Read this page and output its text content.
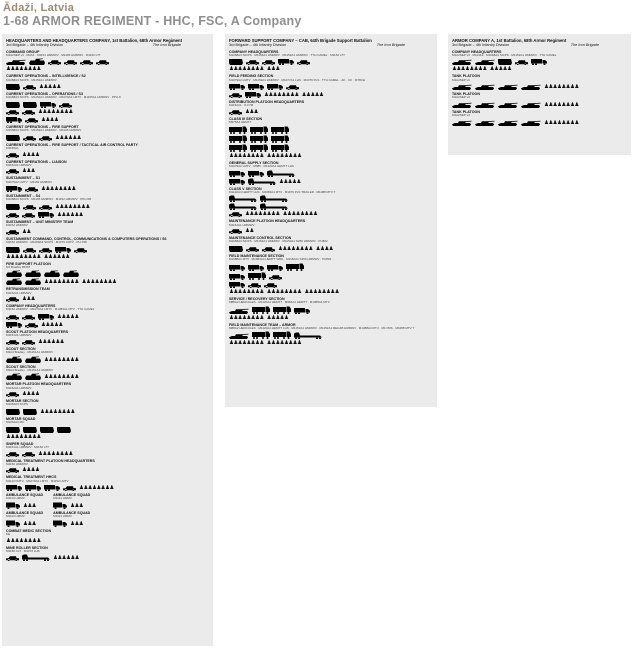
Ādaži, Latvia
1-68 ARMOR REGIMENT - HHC, FSC, A Company
HEADQUARTERS AND HEADQUARTERS COMPANY, 1st Battalion, 68th Armor Regiment
3rd Brigade – 4th Infantry Division	The Iron Brigade
COMMAND GROUP
M1A2SEP v3 · M2A3 · M1151 HMMWV · M1165 HMMWV · M1152 LTT
♟♟♟♟♟♟♟♟
CURRENT OPERATIONS – INTELLIGENCE / S2
M1068A3 SICPS · M1152A1 HMMWV
♟♟♟♟♟
CURRENT OPERATIONS – OPERATIONS / S3
M1068A3 SICPS · M1152A1 HMMWV · M1079A2 LMTV · M1165A1 HMMWV · PPU-6
♟♟♟♟♟♟♟♟
♟♟♟♟
CURRENT OPERATIONS – FIRE SUPPORT
M1068A3 SICPS · M1152A1 HMMWV · M1165 HMMWV
♟♟♟♟♟♟
CURRENT OPERATIONS – FIRE SUPPORT / TACTICAL AIR CONTROL PARTY
M1165A1
♟♟♟♟
CURRENT OPERATIONS – LIAISON
M1152A1 HMMWV
♟♟♟
SUSTAINMENT – S1
M1079A2 LMTV · M1152 HMMWV
♟♟♟♟♟♟♟♟
SUSTAINMENT – S4
M1068A3 SICPS · M1165 HMMWV · M1152 HMMWV · PPU-6B
♟♟♟♟♟♟♟♟
♟♟♟♟♟♟
SUSTAINMENT – UNIT MINISTRY TEAM
M1152 HMMWV
♟♟
SUSTAINMENT COMMAND, CONTROL, COMMUNICATIONS & COMPUTERS OPERATIONS / S6
M1152 HMMWV · M1068A3 SICPS · M1079 LMTV · PU-798
♟♟♟♟♟♟♟♟ ♟♟♟♟♟♟
FIRE SUPPORT PLATOON
M7 Bradley BFIST
♟♟♟♟♟♟♟♟ ♟♟♟♟♟♟♟♟
RETRANSMISSION TEAM
M1152A1 HMMWV
♟♟♟
COMPANY HEADQUARTERS
M1152 HMMWV · M1079A2 LMTV · M1083A1 MTV · TTH CAMEL
♟♟♟♟♟
♟♟♟♟♟
SCOUT PLATOON HEADQUARTERS
M1151A1 HMMWV
♟♟♟♟♟♟
SCOUT SECTION
M3A3 Bradley · M1151A1 HMMWV
♟♟♟♟♟♟♟♟
SCOUT SECTION
M3A3 Bradley · M1151A1 HMMWV
♟♟♟♟♟♟♟♟
MORTAR PLATOON HEADQUARTERS
M1152A1 HMMWV
♟♟♟♟
MORTAR SECTION
M1064A3 SCPS
♟♟♟♟♟♟♟♟
MORTAR SQUAD
M1064A3 MC
♟♟♟♟♟♟♟♟
SNIPER SQUAD
M1151A1 HMMWV · M1152 LTT
♟♟♟♟♟♟♟♟
MEDICAL TREATMENT PLATOON HEADQUARTERS
M1152 HMMWV
♟♟♟♟
MEDICAL TREATMENT HHCS
M1113 FMTV · M1079A2 LMTV · M1152 LMTV
♟♟♟♟♟♟♟♟
AMBULANCE SQUAD
M1113 HMMV
♟♟♟
AMBULANCE SQUAD
M1113 HMMV
♟♟♟
AMBULANCE SQUAD
M1113 HMMV
♟♟♟
AMBULANCE SQUAD
M1113 HMMV
♟♟♟
COMBAT MEDIC SECTION
Ma
♟♟♟♟♟♟♟♟
MINE ROLLER SECTION
M1158 CLT · M1070 LHS
♟♟♟♟♟♟
FORWARD SUPPORT COMPANY – CAB, 64th Brigade Support Battalion
3rd Brigade – 4th Infantry Division	The Iron Brigade
COMPANY HEADQUARTERS
M1068A3 SICPS · M1152A1 HMMWV · M1152A1 HMMWV · TTH CAMEL · M1152 LTT
♟♟♟♟♟♟♟♟ ♟♟♟
FIELD FEEDING SECTION
M1079A2 LMTV · M1152A1 HMMWV · M1077A1 LHS · M1076 PLS · TTH CAMEL · AK · CK · M78CE
♟♟♟♟♟♟♟♟ ♟♟♟♟♟
DISTRIBUTION PLATOON HEADQUARTERS
M1152A1 · P-F7M
♟♟♟
CLASS III SECTION
M978A4 HEMTT
♟♟♟♟♟♟♟♟ ♟♟♟♟♟♟♟♟
GENERAL SUPPLY SECTION
M1079A2 LMTV · M985 · M1120A4 HEMTT LHS
♟♟♟♟♟
CLASS V SECTION
M1120A4 HEMTT LHS · M1083A1 MTV · M1076 PLS TRAILER · M1088 MTV T
♟♟♟♟♟♟♟♟ ♟♟♟♟♟♟♟♟
MAINTENANCE PLATOON HEADQUARTERS
M1152A1 HMMWV
♟♟
MAINTENANCE CONTROL SECTION
M1068A3 SICPS · M1152A1 HMMWV · M1152A1 S250 HMMWV · PU802
♟♟♟♟♟♟♟♟ ♟♟♟♟
FIELD MAINTENANCE SECTION
M1088A1 MTV · M1984A4 HEMTT WRK · M1152A1 S250 HMMWV · PU802
♟♟♟♟♟♟♟♟ ♟♟♟♟♟♟♟♟ ♟♟♟♟♟♟♟♟
SERVICE / RECOVERY SECTION
M88A2 HERCULES · M1120A4 HEMTT · M984A4 HEMTT · M1088A1 MTV
♟♟♟♟♟♟♟♟ ♟♟♟♟♟
FIELD MAINTENANCE TEAM – ARMOR
M88A2 HERCULES · M1120A4 HEMTT LHS · M1152A1 HMMWV · M1152A1 RECAB HMMWV · M1088A4 MTV · M1 PRS · M1088 MTV T
♟♟♟♟♟♟♟♟ ♟♟♟♟♟♟♟♟
ARMOR COMPANY A, 1st Battalion, 68th Armor Regiment
3rd Brigade – 4th Infantry Division	The Iron Brigade
COMPANY HEADQUARTERS
M1A2SEP v3 · M113A3 · M1068A3 SICPS · M1152A1 HMMWV · TTH CAMEL
♟♟♟♟♟♟♟♟ ♟♟♟♟♟
TANK PLATOON
M1A2SEP v3
♟♟♟♟♟♟♟♟
TANK PLATOON
M1A2SEP v3
♟♟♟♟♟♟♟♟
TANK PLATOON
M1A2SEP v3
♟♟♟♟♟♟♟♟
